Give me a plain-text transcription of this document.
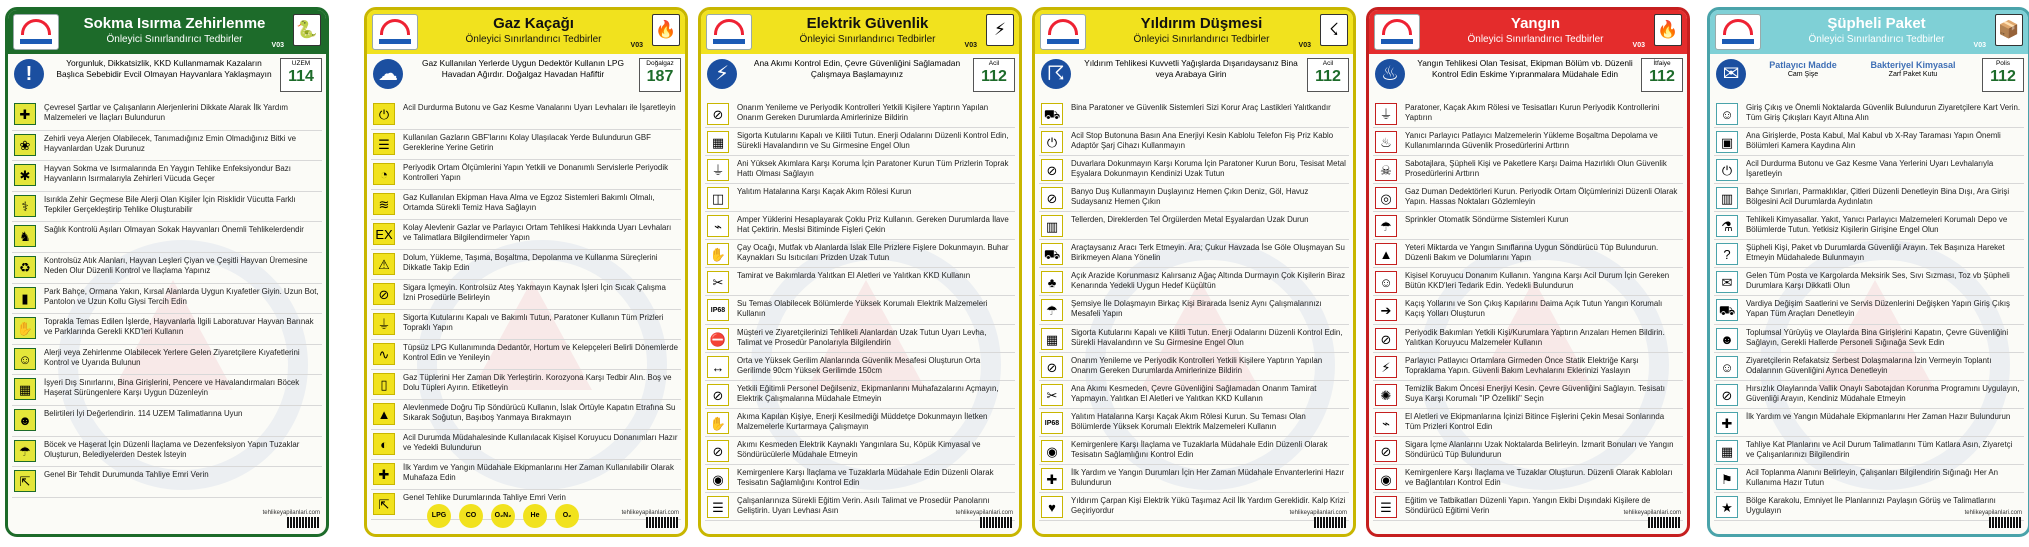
Sokma Isırma Zehirlenme
Önleyici Sınırlandırıcı Tedbirler
V03
🐍
!	Yorgunluk, Dikkatsizlik, KKD Kullanmamak Kazaların Başlıca Sebebidir Evcil Olmayan Hayvanlara Yaklaşmayın
UZEM
114
✚	Çevresel Şartlar ve Çalışanların Alerjenlerini Dikkate Alarak İlk Yardım Malzemeleri ve İlaçları Bulundurun
❀	Zehirli veya Alerjen Olabilecek, Tanımadığınız Emin Olmadığınız Bitki ve Hayvanlardan Uzak Durunuz
✱	Hayvan Sokma ve Isırmalarında En Yaygın Tehlike Enfeksiyondur Bazı Hayvanların Isırmalarıyla Zehirleri Vücuda Geçer
⚕	Isırıkla Zehir Geçmese Bile Alerji Olan Kişiler İçin Risklidir Vücutta Farklı Tepkiler Gerçekleştirip Tehlike Oluşturabilir
♞	Sağlık Kontrolü Aşıları Olmayan Sokak Hayvanları Önemli Tehlikelerdendir
♻	Kontrolsüz Atık Alanları, Hayvan Leşleri Çiyan ve Çeşitli Hayvan Üremesine Neden Olur Düzenli Kontrol ve İlaçlama Yapınız
▮	Park Bahçe, Ormana Yakın, Kırsal Alanlarda Uygun Kıyafetler Giyin. Uzun Bot, Pantolon ve Uzun Kollu Giysi Tercih Edin
✋	Toprakla Temas Edilen İşlerde, Hayvanlarla İlgili Laboratuvar Hayvan Barınak ve Parklarında Gerekli KKD'leri Kullanın
☺	Alerji veya Zehirlenme Olabilecek Yerlere Gelen Ziyaretçilere Kıyafetlerini Kontrol ve Uyarıda Bulunun
▦	İşyeri Dış Sınırlarını, Bina Girişlerini, Pencere ve Havalandırmaları Böcek Haşerat Sürüngenlere Karşı Uygun Düzenleyin
☻	Belirtileri İyi Değerlendirin. 114 UZEM Talimatlarına Uyun
☂	Böcek ve Haşerat İçin Düzenli İlaçlama ve Dezenfeksiyon Yapın Tuzaklar Oluşturun, Belediyelerden Destek İsteyin
⇱	Genel Bir Tehdit Durumunda Tahliye Emri Verin
tehlikeyapilanlari.com
Gaz Kaçağı
Önleyici Sınırlandırıcı Tedbirler
V03
🔥
☁	Gaz Kullanılan Yerlerde Uygun Dedektör Kullanın LPG Havadan Ağırdır. Doğalgaz Havadan Hafiftir
Doğalgaz
187
⏻	Acil Durdurma Butonu ve Gaz Kesme Vanalarını Uyarı Levhaları ile İşaretleyin
☰	Kullanılan Gazların GBF'larını Kolay Ulaşılacak Yerde Bulundurun GBF Gereklerine Yerine Getirin
◔	Periyodik Ortam Ölçümlerini Yapın Yetkili ve Donanımlı Servislerle Periyodik Kontrolleri Yapın
≋	Gaz Kullanılan Ekipman Hava Alma ve Egzoz Sistemleri Bakımlı Olmalı, Ortamda Sürekli Temiz Hava Sağlayın
EX Kolay Alevlenir Gazlar ve Parlayıcı Ortam Tehlikesi Hakkında Uyarı Levhaları ve Talimatlara Bilgilendirmeler Yapın
⚠	Dolum, Yükleme, Taşıma, Boşaltma, Depolanma ve Kullanma Süreçlerini Dikkatle Takip Edin
⊘	Sigara İçmeyin. Kontrolsüz Ateş Yakmayın Kaynak İşleri İçin Sıcak Çalışma İzni Prosedürle Belirleyin
⏚	Sigorta Kutularını Kapalı ve Bakımlı Tutun, Paratoner Kullanın Tüm Prizleri Topraklı Yapın
∿	Tüpsüz LPG Kullanımında Dedantör, Hortum ve Kelepçeleri Belirli Dönemlerde Kontrol Edin ve Yenileyin
▯	Gaz Tüplerini Her Zaman Dik Yerleştirin. Korozyona Karşı Tedbir Alın. Boş ve Dolu Tüpleri Ayırın. Etiketleyin
▲	Alevlenmede Doğru Tip Söndürücü Kullanın, İslak Örtüyle Kapatın Etrafına Su Sıkarak Soğutun, Başıboş Yanmaya Bırakmayın
◐	Acil Durumda Müdahalesinde Kullanılacak Kişisel Koruyucu Donanımları Hazır ve Yedekli Bulundurun
✚	İlk Yardım ve Yangın Müdahale Ekipmanlarını Her Zaman Kullanılabilir Olarak Muhafaza Edin
⇱	Genel Tehlike Durumlarında Tahliye Emri Verin
LPG	CO	O₂N₂	He	O₂	tehlikeyapilanlari.com
Elektrik Güvenlik
Önleyici Sınırlandırıcı Tedbirler
V03
⚡
⚡	Ana Akımı Kontrol Edin, Çevre Güvenliğini Sağlamadan Çalışmaya Başlamayınız
Acil
112
⊘	Onarım Yenileme ve Periyodik Kontrolleri Yetkili Kişilere Yaptırın Yapılan Onarım Gereken Durumlarda Amirlerinize Bildirin
▦	Sigorta Kutularını Kapalı ve Kilitli Tutun. Enerji Odalarını Düzenli Kontrol Edin, Sürekli Havalandırın ve Su Girmesine Engel Olun
⏚	Ani Yüksek Akımlara Karşı Koruma İçin Paratoner Kurun Tüm Prizlerin Toprak Hattı Olması Sağlayın
◫	Yalıtım Hatalarına Karşı Kaçak Akım Rölesi Kurun
⌁	Amper Yüklerini Hesaplayarak Çoklu Priz Kullanın. Gereken Durumlarda İlave Hat Çektirin. Meslsi Bitiminde Fişleri Çekin
✋	Çay Ocağı, Mutfak vb Alanlarda Islak Elle Prizlere Fişlere Dokunmayın. Buhar Kaynakları Su Isıtıcıları Prizden Uzak Tutun
✂	Tamirat ve Bakımlarda Yalıtkan El Aletleri ve Yalıtkan KKD Kullanın
IP68
Su Temas Olabilecek Bölümlerde Yüksek Korumalı Elektrik Malzemeleri Kullanın
⛔	Müşteri ve Ziyaretçilerinizi Tehlikeli Alanlardan Uzak Tutun Uyarı Levha, Talimat ve Prosedür Panolarıyla Bilgilendirin
↔	Orta ve Yüksek Gerilim Alanlarında Güvenlik Mesafesi Oluşturun Orta Gerilimde 90cm Yüksek Gerilimde 150cm
⊘	Yetkili Eğitimli Personel Değilseniz, Ekipmanlarını Muhafazalarını Açmayın, Elektrik Çalışmalarına Müdahale Etmeyin
✋	Akıma Kapılan Kişiye, Enerji Kesilmediği Müddetçe Dokunmayın İletken Malzemelerle Kurtarmaya Çalışmayın
⊘	Akımı Kesmeden Elektrik Kaynaklı Yangınlara Su, Köpük Kimyasal ve Söndürücülerle Müdahale Etmeyin
◉	Kemirgenlere Karşı İlaçlama ve Tuzaklarla Müdahale Edin Düzenli Olarak Tesisatın Sağlamlığını Kontrol Edin
☰	Çalışanlarınıza Sürekli Eğitim Verin. Asılı Talimat ve Prosedür Panolarını Geliştirin. Uyarı Levhası Asın	tehlikeyapilanlari.com
Yıldırım Düşmesi
Önleyici Sınırlandırıcı Tedbirler
V03
☇
☈	Yıldırım Tehlikesi Kuvvetli Yağışlarda Dışarıdaysanız Bina veya Arabaya Girin
Acil
112
⛟	Bina Paratoner ve Güvenlik Sistemleri Sizi Korur Araç Lastikleri Yalıtkandır
⏻	Acil Stop Butonuna Basın Ana Enerjiyi Kesin Kablolu Telefon Fiş Priz Kablo Adaptör Şarj Cihazı Kullanmayın
⊘	Duvarlara Dokunmayın Karşı Koruma İçin Paratoner Kurun Boru, Tesisat Metal Eşyalara Dokunmayın Kendinizi Uzak Tutun
⊘	Banyo Duş Kullanmayın Duşlayınız Hemen Çıkın Deniz, Göl, Havuz Sudaysanız Hemen Çıkın
▥	Tellerden, Direklerden Tel Örgülerden Metal Eşyalardan Uzak Durun
⛟	Araçtaysanız Aracı Terk Etmeyin. Ara; Çukur Havzada İse Göle Oluşmayan Su Birikmeyen Alana Yönelin
♣	Açık Arazide Korunmasız Kalırsanız Ağaç Altında Durmayın Çok Kişilerin Biraz Kenarında Yedekli Uygun Hedef Küçültün
☂	Şemsiye İle Dolaşmayın Birkaç Kişi Birarada İseniz Aynı Çalışmalarınızı Mesafeli Yapın
▦	Sigorta Kutularını Kapalı ve Kilitli Tutun. Enerji Odalarını Düzenli Kontrol Edin, Sürekli Havalandırın ve Su Girmesine Engel Olun
⊘	Onarım Yenileme ve Periyodik Kontrolleri Yetkili Kişilere Yaptırın Yapılan Onarım Gereken Durumlarda Amirlerinize Bildirin
✂	Ana Akımı Kesmeden, Çevre Güvenliğini Sağlamadan Onarım Tamirat Yapmayın. Yalıtkan El Aletleri ve Yalıtkan KKD Kullanın
IP68
Yalıtım Hatalarına Karşı Kaçak Akım Rölesi Kurun. Su Teması Olan Bölümlerde Yüksek Korumalı Elektrik Malzemeleri Kullanın
◉	Kemirgenlere Karşı İlaçlama ve Tuzaklarla Müdahale Edin Düzenli Olarak Tesisatın Sağlamlığını Kontrol Edin
✚	İlk Yardım ve Yangın Durumları İçin Her Zaman Müdahale Envanterlerini Hazır Bulundurun
♥	Yıldırım Çarpan Kişi Elektrik Yükü Taşımaz Acil İlk Yardım Gereklidir. Kalp Krizi Geçiriyordur	tehlikeyapilanlari.com
Yangın
Önleyici Sınırlandırıcı Tedbirler
V03
🔥
♨	Yangın Tehlikesi Olan Tesisat, Ekipman Bölüm vb. Düzenli Kontrol Edin Eskime Yıpranmalara Müdahale Edin
İtfaiye
112
⏚	Paratoner, Kaçak Akım Rölesi ve Tesisatları Kurun Periyodik Kontrollerini Yaptırın
♨	Yanıcı Parlayıcı Patlayıcı Malzemelerin Yükleme Boşaltma Depolama ve Kullanımlarında Güvenlik Prosedürlerini Arttırın
☠	Sabotajlara, Şüpheli Kişi ve Paketlere Karşı Daima Hazırlıklı Olun Güvenlik Prosedürlerini Arttırın
◎	Gaz Duman Dedektörleri Kurun. Periyodik Ortam Ölçümlerinizi Düzenli Olarak Yapın. Hassas Noktaları Gözlemleyin
☂	Sprinkler Otomatik Söndürme Sistemleri Kurun
▲	Yeteri Miktarda ve Yangın Sınıflarına Uygun Söndürücü Tüp Bulundurun. Düzenli Bakım ve Dolumlarını Yapın
☺	Kişisel Koruyucu Donanım Kullanın. Yangına Karşı Acil Durum İçin Gereken Bütün KKD'leri Tedarik Edin. Yedekli Bulundurun
➔	Kaçış Yollarını ve Son Çıkış Kapılarını Daima Açık Tutun Yangın Korumalı Kaçış Yolları Oluşturun
⊘	Periyodik Bakımları Yetkili Kişi/Kurumlara Yaptırın Arızaları Hemen Bildirin. Yalıtkan Koruyucu Malzemeler Kullanın
⚡	Parlayıcı Patlayıcı Ortamlara Girmeden Önce Statik Elektriğe Karşı Topraklama Yapın. Güvenli Bakım Levhalarını Eklerinizi Yaslayın
✺	Temizlik Bakım Öncesi Enerjiyi Kesin. Çevre Güvenliğini Sağlayın. Tesisatı Suya Karşı Korumalı "IP Özellikli" Seçin
⌁	El Aletleri ve Ekipmanlarına İçinizi Bitince Fişlerini Çekin Mesai Sonlarında Tüm Prizleri Kontrol Edin
⊘	Sigara İçme Alanlarını Uzak Noktalarda Belirleyin. İzmarit Bonuları ve Yangın Söndürücü Tüp Bulundurun
◉	Kemirgenlere Karşı İlaçlama ve Tuzaklar Oluşturun. Düzenli Olarak Kabloları ve Bağlantıları Kontrol Edin
☰	Eğitim ve Tatbikatları Düzenli Yapın. Yangın Ekibi Dışındaki Kişilere de Söndürücü Eğitimi Verin	tehlikeyapilanlari.com
Şüpheli Paket
Önleyici Sınırlandırıcı Tedbirler
V03
📦
✉	Patlayıcı Madde
Cam Şişe
Bakteriyel Kimyasal
Zarf Paket Kutu
Polis
112
☺	Giriş Çıkış ve Önemli Noktalarda Güvenlik Bulundurun Ziyaretçilere Kart Verin. Tüm Giriş Çıkışları Kayıt Altına Alın
▣	Ana Girişlerde, Posta Kabul, Mal Kabul vb X-Ray Taraması Yapın Önemli Bölümleri Kamera Kaydına Alın
⏻	Acil Durdurma Butonu ve Gaz Kesme Vana Yerlerini Uyarı Levhalarıyla İşaretleyin
▥	Bahçe Sınırları, Parmaklıklar, Çitleri Düzenli Denetleyin Bina Dışı, Ara Girişi Bölgesini Acil Durumlarda Aydınlatın
⚗	Tehlikeli Kimyasallar. Yakıt, Yanıcı Parlayıcı Malzemeleri Korumalı Depo ve Bölümlerde Tutun. Yetkisiz Kişilerin Girişine Engel Olun
?	Şüpheli Kişi, Paket vb Durumlarda Güvenliği Arayın. Tek Başınıza Hareket Etmeyin Müdahalede Bulunmayın
✉	Gelen Tüm Posta ve Kargolarda Meksirik Ses, Sıvı Sızması, Toz vb Şüpheli Durumlara Karşı Dikkatli Olun
⛟	Vardiya Değişim Saatlerini ve Servis Düzenlerini Değişken Yapın Giriş Çıkış Yapan Tüm Araçları Denetleyin
☻	Toplumsal Yürüyüş ve Olaylarda Bina Girişlerini Kapatın, Çevre Güvenliğini Sağlayın, Gerekli Hallerde Personeli Sığınağa Sevk Edin
☺	Ziyaretçilerin Refakatsiz Serbest Dolaşmalarına İzin Vermeyin Toplantı Odalarının Güvenliğini Ayrıca Denetleyin
⊘	Hırsızlık Olaylarında Vallik Onaylı Sabotajdan Korunma Programını Uygulayın, Güvenliği Arayın, Kendiniz Müdahale Etmeyin
✚	İlk Yardım ve Yangın Müdahale Ekipmanlarını Her Zaman Hazır Bulundurun
▦	Tahliye Kat Planlarını ve Acil Durum Talimatlarını Tüm Katlara Asın, Ziyaretçi ve Çalışanlarınızı Bilgilendirin
⚑	Acil Toplanma Alanını Belirleyin, Çalışanları Bilgilendirin Sığınağı Her An Kullanıma Hazır Tutun
★	Bölge Karakolu, Emniyet İle Planlarınızı Paylaşın Görüş ve Talimatlarını Uygulayın	tehlikeyapilanlari.com
